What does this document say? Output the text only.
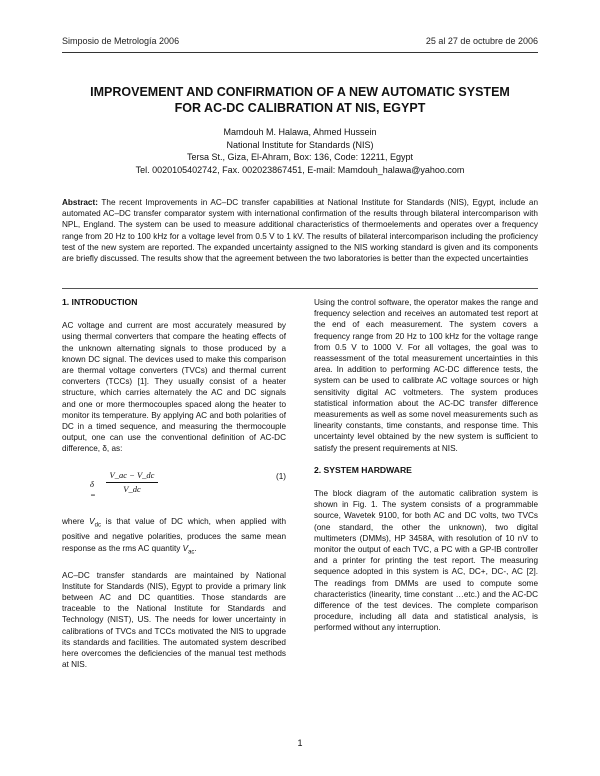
Simposio de Metrología 2006	25 al 27 de octubre de 2006
IMPROVEMENT AND CONFIRMATION OF A NEW AUTOMATIC SYSTEM
FOR AC-DC CALIBRATION AT NIS, EGYPT
Mamdouh M. Halawa, Ahmed Hussein
National Institute for Standards (NIS)
Tersa St., Giza, El-Ahram, Box: 136, Code: 12211, Egypt
Tel. 0020105402742, Fax. 002023867451, E-mail: Mamdouh_halawa@yahoo.com
Abstract: The recent Improvements in AC–DC transfer capabilities at National Institute for Standards (NIS), Egypt, include an automated AC–DC transfer comparator system with international confirmation of the results through bilateral intercomparison with NPL, England. The system can be used to measure additional characteristics of thermoelements and operates over a frequency range from 20 Hz to 100 kHz for a voltage level from 0.5 V to 1 kV. The results of bilateral intercomparison including the proficiency test of the new system are reported. The expanded uncertainty assigned to the NIS working standard is given and its components are briefly discussed. The results show that the agreement between the two laboratories is better than the expected uncertainties
1. INTRODUCTION
AC voltage and current are most accurately measured by using thermal converters that compare the heating effects of the unknown alternating signals to those produced by a known DC signal. The devices used to make this comparison are thermal voltage converters (TVCs) and thermal current converters (TCCs) [1]. They usually consist of a heater structure, which carries alternately the AC and DC signals and one or more thermocouples spaced along the heater to monitor its temperature. By applying AC and both polarities of DC in a timed sequence, and measuring the thermocouple output, one can use the conventional definition of AC-DC difference, δ, as:
$\delta = \frac{V\_ac - V\_dc}{V\_dc}$	(1)
where $V_{dc}$ is that value of DC which, when applied with positive and negative polarities, produces the same mean response as the rms AC quantity $V_{ac}$.
AC–DC transfer standards are maintained by National Institute for Standards (NIS), Egypt to provide a primary link between AC and DC quantities. Those standards are traceable to the National Institute for Standards and Technology (NIST), US. The needs for lower uncertainty in calibrations of TVCs and TCCs motivated the NIS to upgrade its standards and facilities. The automated system described here overcomes the deficiencies of the manual test methods at NIS.
Using the control software, the operator makes the range and frequency selection and receives an automated test report at the end of each measurement. The system covers a frequency range from 20 Hz to 100 kHz for the voltage range from 0.5 V to 1000 V. For all voltages, the goal was to reassessment of the total measurement uncertainties in this area. In addition to performing AC-DC difference tests, the system can be used to calibrate AC voltage sources or high sensitivity digital AC voltmeters. The system produces statistical information about the AC-DC transfer difference measurements as well as some novel measurements such as linearity constants, time constants, and response time. This uncertainty level obtained by the new system is sufficient to satisfy the present requirements at NIS.
2. SYSTEM HARDWARE
The block diagram of the automatic calibration system is shown in Fig. 1. The system consists of a programmable source, Wavetek 9100, for both AC and DC volts, two TVCs (one standard, the other the unknown), two digital multimeters (DMMs), HP 3458A, with resolution of 10 nV to monitor the output of each TVC, a PC with a GP-IB controller and a printer for printing the test report. The measuring sequence adopted in this system is AC, DC+, DC-, AC [2]. The readings from DMMs are used to compute some characteristics (linearity, time constant …etc.) and the AC-DC difference of the test devices. The complete comparison procedure, including all data and statistical analysis, is performed without any interruption.
1
